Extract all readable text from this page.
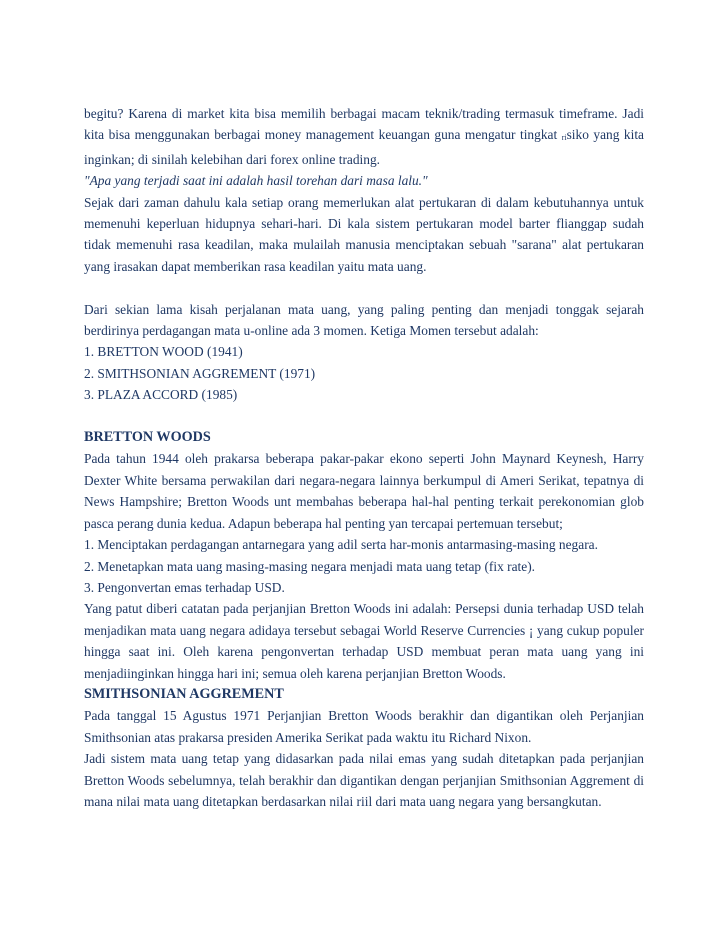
begitu? Karena di market kita bisa memilih berbagai macam teknik/trading termasuk timeframe. Jadi kita bisa menggunakan berbagai money management keuangan guna mengatur tingkat risiko yang kita inginkan; di sinilah kelebihan dari forex online trading.

"Apa yang terjadi saat ini adalah hasil torehan dari masa lalu."

Sejak dari zaman dahulu kala setiap orang memerlukan alat pertukaran di dalam kebutuhannya untuk memenuhi keperluan hidupnya sehari-hari. Di kala sistem pertukaran model barter flianggap sudah tidak memenuhi rasa keadilan, maka mulailah manusia menciptakan sebuah "sarana" alat pertukaran yang irasakan dapat memberikan rasa keadilan yaitu mata uang.

Dari sekian lama kisah perjalanan mata uang, yang paling penting dan menjadi tonggak sejarah berdirinya perdagangan mata u-online ada 3 momen. Ketiga Momen tersebut adalah:

1. BRETTON WOOD (1941)

2. SMITHSONIAN AGGREMENT (1971)

3. PLAZA ACCORD (1985)

BRETTON WOODS

Pada tahun 1944 oleh prakarsa beberapa pakar-pakar ekono seperti John Maynard Keynesh, Harry Dexter White bersama perwakilan dari negara-negara lainnya berkumpul di Ameri Serikat, tepatnya di News Hampshire; Bretton Woods unt membahas beberapa hal-hal penting terkait perekonomian glob pasca perang dunia kedua. Adapun beberapa hal penting yan tercapai pertemuan tersebut;

1. Menciptakan perdagangan antarnegara yang adil serta har-monis antarmasing-masing negara.

2. Menetapkan mata uang masing-masing negara menjadi mata uang tetap (fix rate).

3. Pengonvertan emas terhadap USD.

Yang patut diberi catatan pada perjanjian Bretton Woods ini adalah: Persepsi dunia terhadap USD telah menjadikan mata uang negara adidaya tersebut sebagai World Reserve Currencies ¡ yang cukup populer hingga saat ini. Oleh karena pengonvertan terhadap USD membuat peran mata uang yang ini menjadiinginkan hingga hari ini; semua oleh karena perjanjian Bretton Woods.

SMITHSONIAN AGGREMENT

Pada tanggal 15 Agustus 1971 Perjanjian Bretton Woods berakhir dan digantikan oleh Perjanjian Smithsonian atas prakarsa presiden Amerika Serikat pada waktu itu Richard Nixon.

Jadi sistem mata uang tetap yang didasarkan pada nilai emas yang sudah ditetapkan pada perjanjian Bretton Woods sebelumnya, telah berakhir dan digantikan dengan perjanjian Smithsonian Aggrement di mana nilai mata uang ditetapkan berdasarkan nilai riil dari mata uang negara yang bersangkutan.
